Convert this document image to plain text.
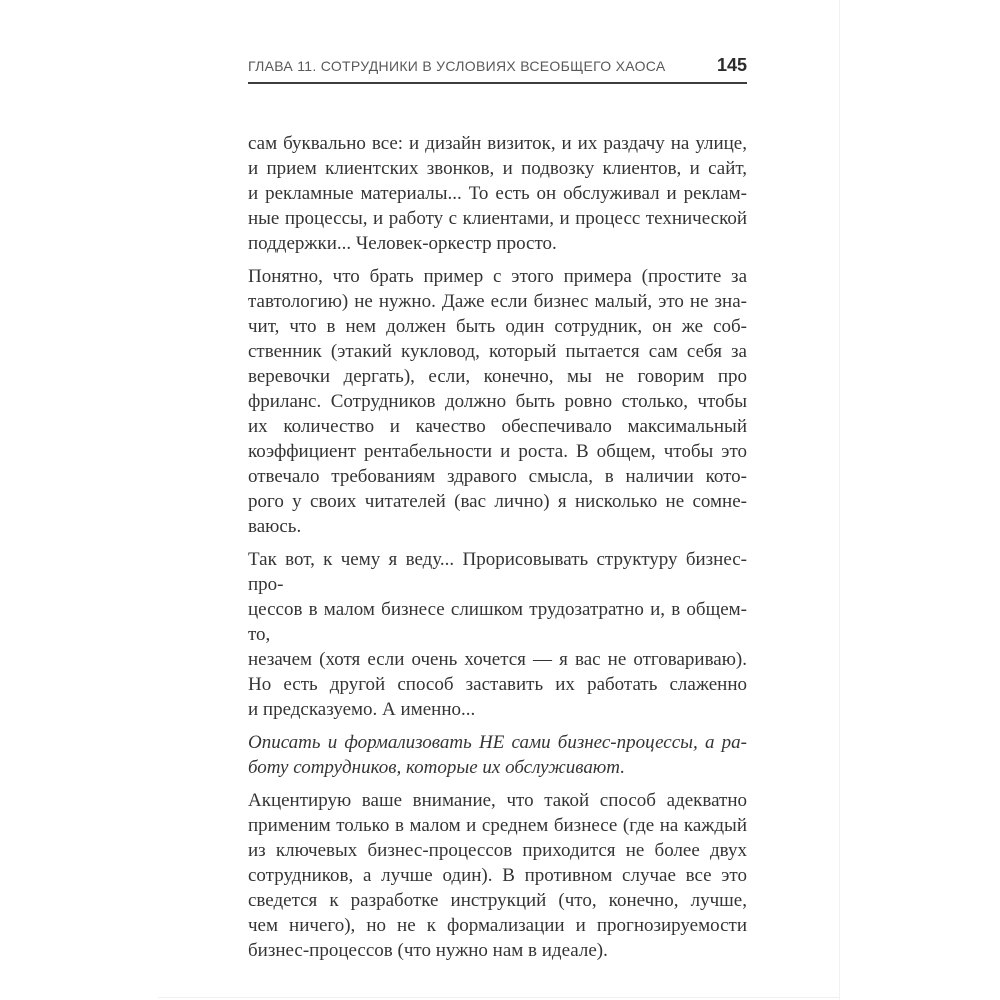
ГЛАВА 11. СОТРУДНИКИ В УСЛОВИЯХ ВСЕОБЩЕГО ХАОСА	145
сам буквально все: и дизайн визиток, и их раздачу на улице,
и прием клиентских звонков, и подвозку клиентов, и сайт,
и рекламные материалы... То есть он обслуживал и реклам-
ные процессы, и работу с клиентами, и процесс технической
поддержки... Человек-оркестр просто.
Понятно, что брать пример с этого примера (простите за
тавтологию) не нужно. Даже если бизнес малый, это не зна-
чит, что в нем должен быть один сотрудник, он же соб-
ственник (этакий кукловод, который пытается сам себя за
веревочки дергать), если, конечно, мы не говорим про
фриланс. Сотрудников должно быть ровно столько, чтобы
их количество и качество обеспечивало максимальный
коэффициент рентабельности и роста. В общем, чтобы это
отвечало требованиям здравого смысла, в наличии кото-
рого у своих читателей (вас лично) я нисколько не сомне-
ваюсь.
Так вот, к чему я веду... Прорисовывать структуру бизнес-про-
цессов в малом бизнесе слишком трудозатратно и, в общем-то,
незачем (хотя если очень хочется — я вас не отговариваю).
Но есть другой способ заставить их работать слаженно
и предсказуемо. А именно...
Описать и формализовать НЕ сами бизнес-процессы, а ра-
боту сотрудников, которые их обслуживают.
Акцентирую ваше внимание, что такой способ адекватно
применим только в малом и среднем бизнесе (где на каждый
из ключевых бизнес-процессов приходится не более двух
сотрудников, а лучше один). В противном случае все это
сведется к разработке инструкций (что, конечно, лучше,
чем ничего), но не к формализации и прогнозируемости
бизнес-процессов (что нужно нам в идеале).
